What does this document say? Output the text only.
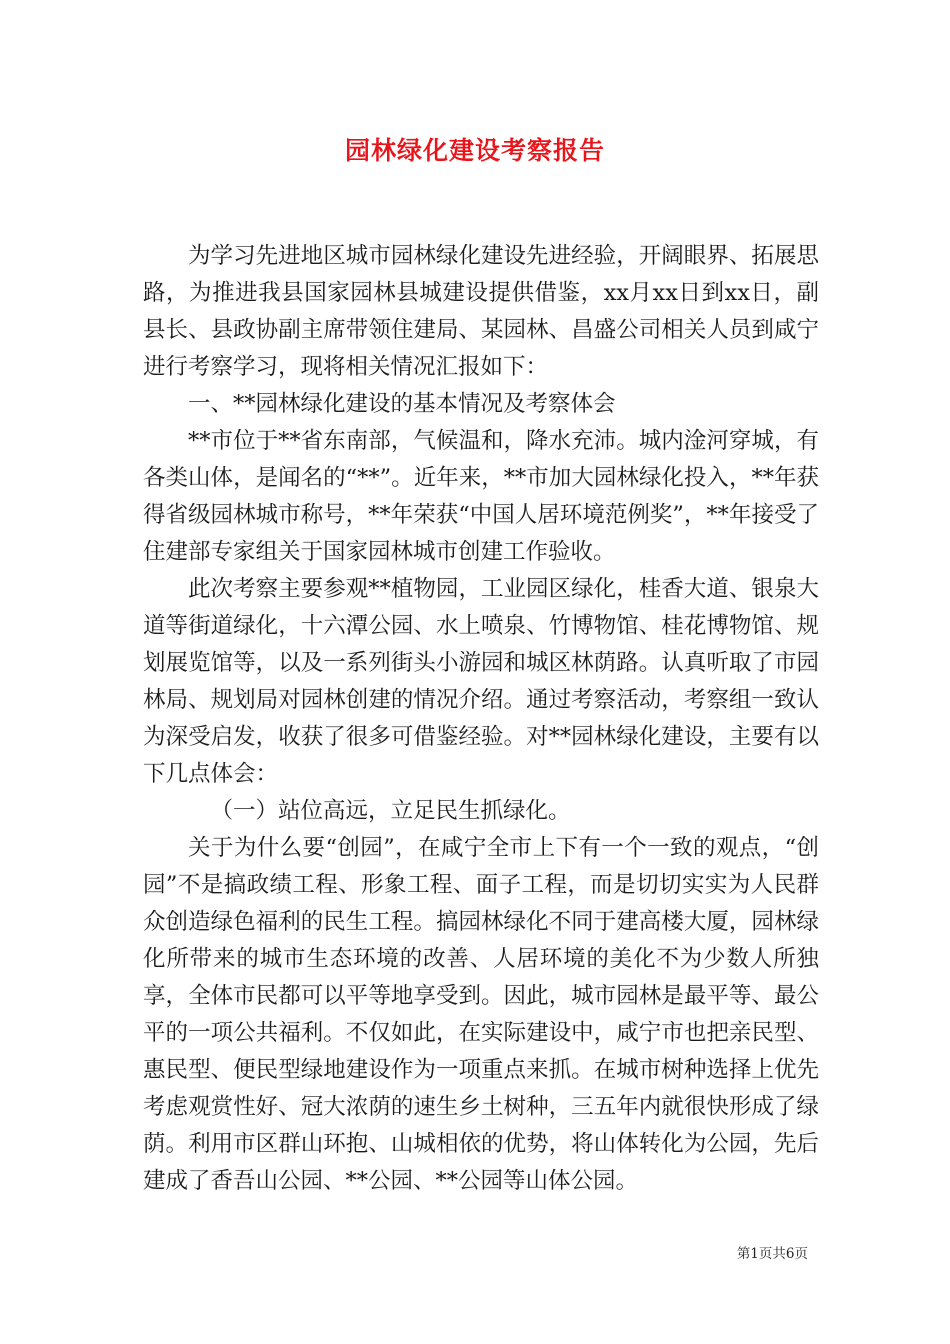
园林绿化建设考察报告

为学习先进地区城市园林绿化建设先进经验，开阔眼界、拓展思路，为推进我县国家园林县城建设提供借鉴，xx月xx日到xx日，副县长、县政协副主席带领住建局、某园林、昌盛公司相关人员到咸宁进行考察学习，现将相关情况汇报如下：

一、**园林绿化建设的基本情况及考察体会

**市位于**省东南部，气候温和，降水充沛。城内淦河穿城，有各类山体，是闻名的“**”。近年来，**市加大园林绿化投入，**年获得省级园林城市称号，**年荣获“中国人居环境范例奖”，**年接受了住建部专家组关于国家园林城市创建工作验收。

此次考察主要参观**植物园，工业园区绿化，桂香大道、银泉大道等街道绿化，十六潭公园、水上喷泉、竹博物馆、桂花博物馆、规划展览馆等，以及一系列街头小游园和城区林荫路。认真听取了市园林局、规划局对园林创建的情况介绍。通过考察活动，考察组一致认为深受启发，收获了很多可借鉴经验。对**园林绿化建设，主要有以下几点体会：

（一）站位高远，立足民生抓绿化。

关于为什么要“创园”，在咸宁全市上下有一个一致的观点，“创园”不是搞政绩工程、形象工程、面子工程，而是切切实实为人民群众创造绿色福利的民生工程。搞园林绿化不同于建高楼大厦，园林绿化所带来的城市生态环境的改善、人居环境的美化不为少数人所独享，全体市民都可以平等地享受到。因此，城市园林是最平等、最公平的一项公共福利。不仅如此，在实际建设中，咸宁市也把亲民型、惠民型、便民型绿地建设作为一项重点来抓。在城市树种选择上优先考虑观赏性好、冠大浓荫的速生乡土树种，三五年内就很快形成了绿荫。利用市区群山环抱、山城相依的优势，将山体转化为公园，先后建成了香吾山公园、**公园、**公园等山体公园。

第1页共6页
